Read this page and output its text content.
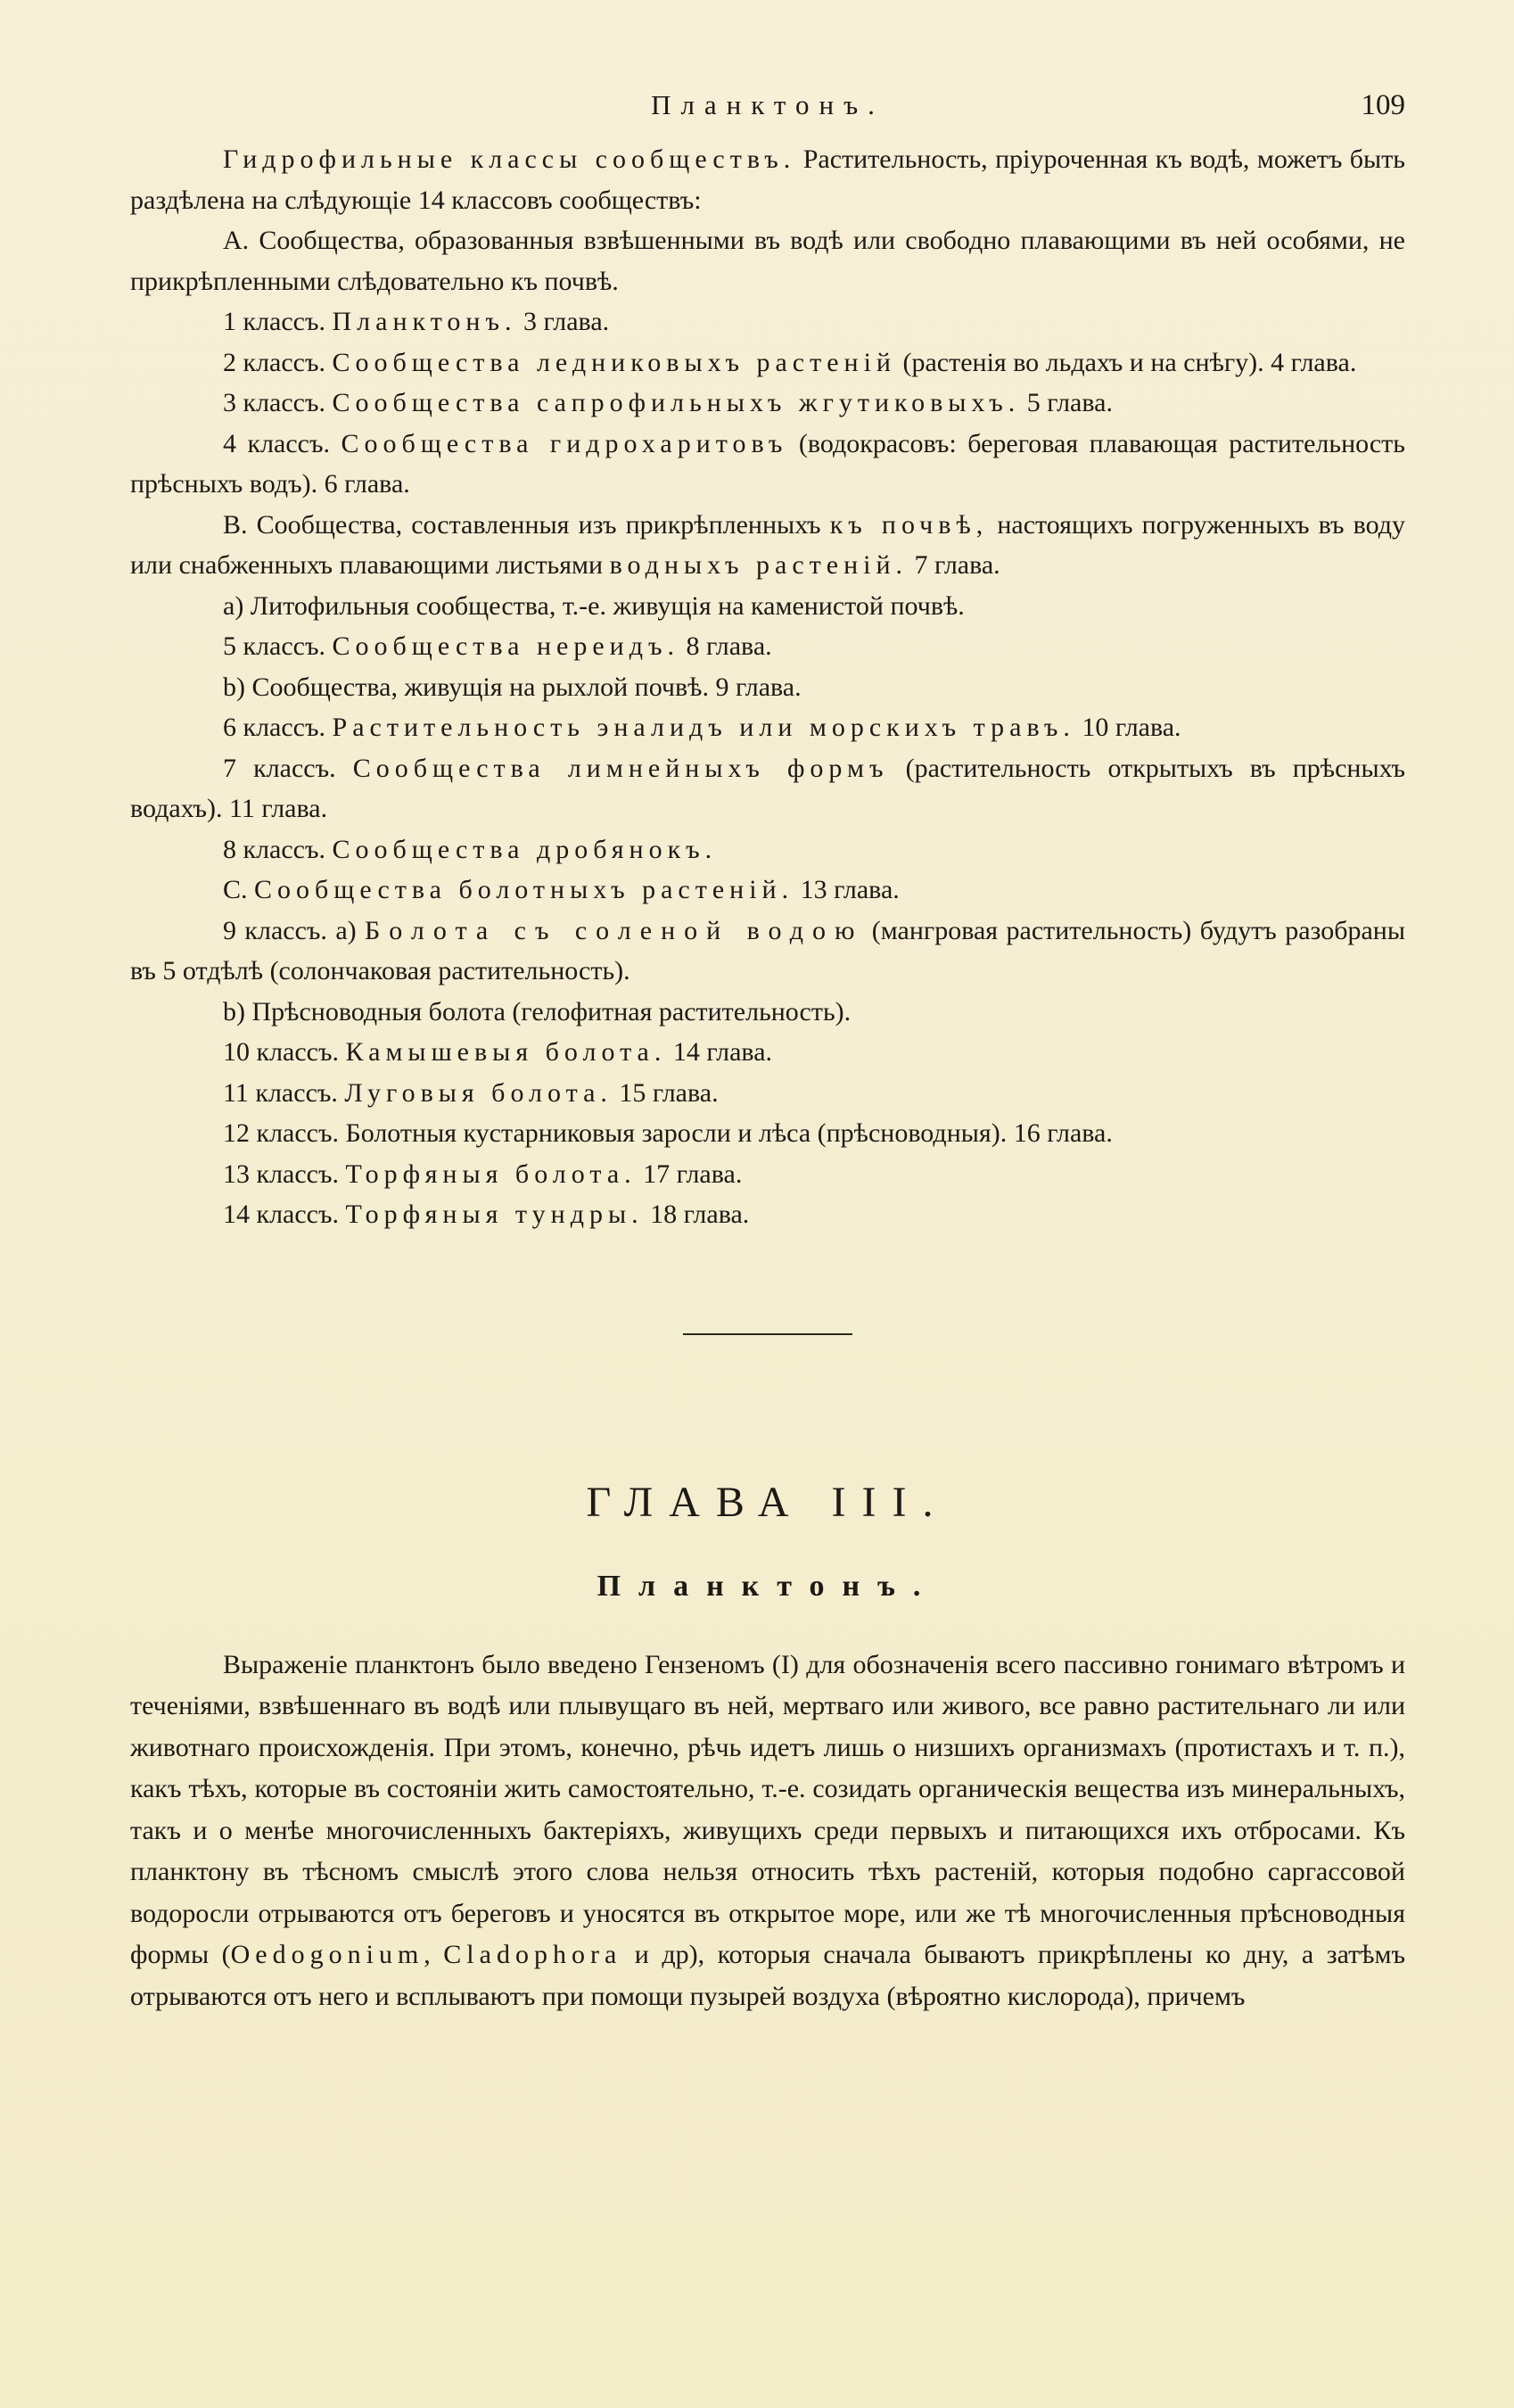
Планктонъ.	109

Гидрофильные классы сообществъ. Растительность, пріуроченная къ водѣ, можетъ быть раздѣлена на слѣдующіе 14 классовъ сообществъ:

А. Сообщества, образованныя взвѣшенными въ водѣ или свободно плавающими въ ней особями, не прикрѣпленными слѣдовательно къ почвѣ.

1 классъ. Планктонъ. 3 глава.

2 классъ. Сообщества ледниковыхъ растеній (растенія во льдахъ и на снѣгу). 4 глава.

3 классъ. Сообщества сапрофильныхъ жгутиковыхъ. 5 глава.

4 классъ. Сообщества гидрохаритовъ (водокрасовъ: береговая плавающая растительность прѣсныхъ водъ). 6 глава.

В. Сообщества, составленныя изъ прикрѣпленныхъ къ почвѣ, настоящихъ погруженныхъ въ воду или снабженныхъ плавающими листьями водныхъ растеній. 7 глава.

a) Литофильныя сообщества, т.-е. живущія на каменистой почвѣ.

5 классъ. Сообщества нереидъ. 8 глава.

b) Сообщества, живущія на рыхлой почвѣ. 9 глава.

6 классъ. Растительность эналидъ или морскихъ травъ. 10 глава.

7 классъ. Сообщества лимнейныхъ формъ (растительность открытыхъ въ прѣсныхъ водахъ). 11 глава.

8 классъ. Сообщества дробянокъ.

С. Сообщества болотныхъ растеній. 13 глава.

9 классъ. a) Болота съ соленой водою (мангровая растительность) будутъ разобраны въ 5 отдѣлѣ (солончаковая растительность).

b) Прѣсноводныя болота (гелофитная растительность).

10 классъ. Камышевыя болота. 14 глава.

11 классъ. Луговыя болота. 15 глава.

12 классъ. Болотныя кустарниковыя заросли и лѣса (прѣсноводныя). 16 глава.

13 классъ. Торфяныя болота. 17 глава.

14 классъ. Торфяныя тундры. 18 глава.

ГЛАВА III.
Планктонъ.

Выраженіе планктонъ было введено Гензеномъ (I) для обозначенія всего пассивно гонимаго вѣтромъ и теченіями, взвѣшеннаго въ водѣ или плывущаго въ ней, мертваго или живого, все равно растительнаго ли или животнаго происхожденія. При этомъ, конечно, рѣчь идетъ лишь о низшихъ организмахъ (протистахъ и т. п.), какъ тѣхъ, которые въ состояніи жить самостоятельно, т.-е. созидать органическія вещества изъ минеральныхъ, такъ и о менѣе многочисленныхъ бактеріяхъ, живущихъ среди первыхъ и питающихся ихъ отбросами. Къ планктону въ тѣсномъ смыслѣ этого слова нельзя относить тѣхъ растеній, которыя подобно саргассовой водоросли отрываются отъ береговъ и уносятся въ открытое море, или же тѣ многочисленныя прѣсноводныя формы (Oedogonium, Cladophora и др), которыя сначала бываютъ прикрѣплены ко дну, а затѣмъ отрываются отъ него и всплываютъ при помощи пузырей воздуха (вѣроятно кислорода), причемъ
